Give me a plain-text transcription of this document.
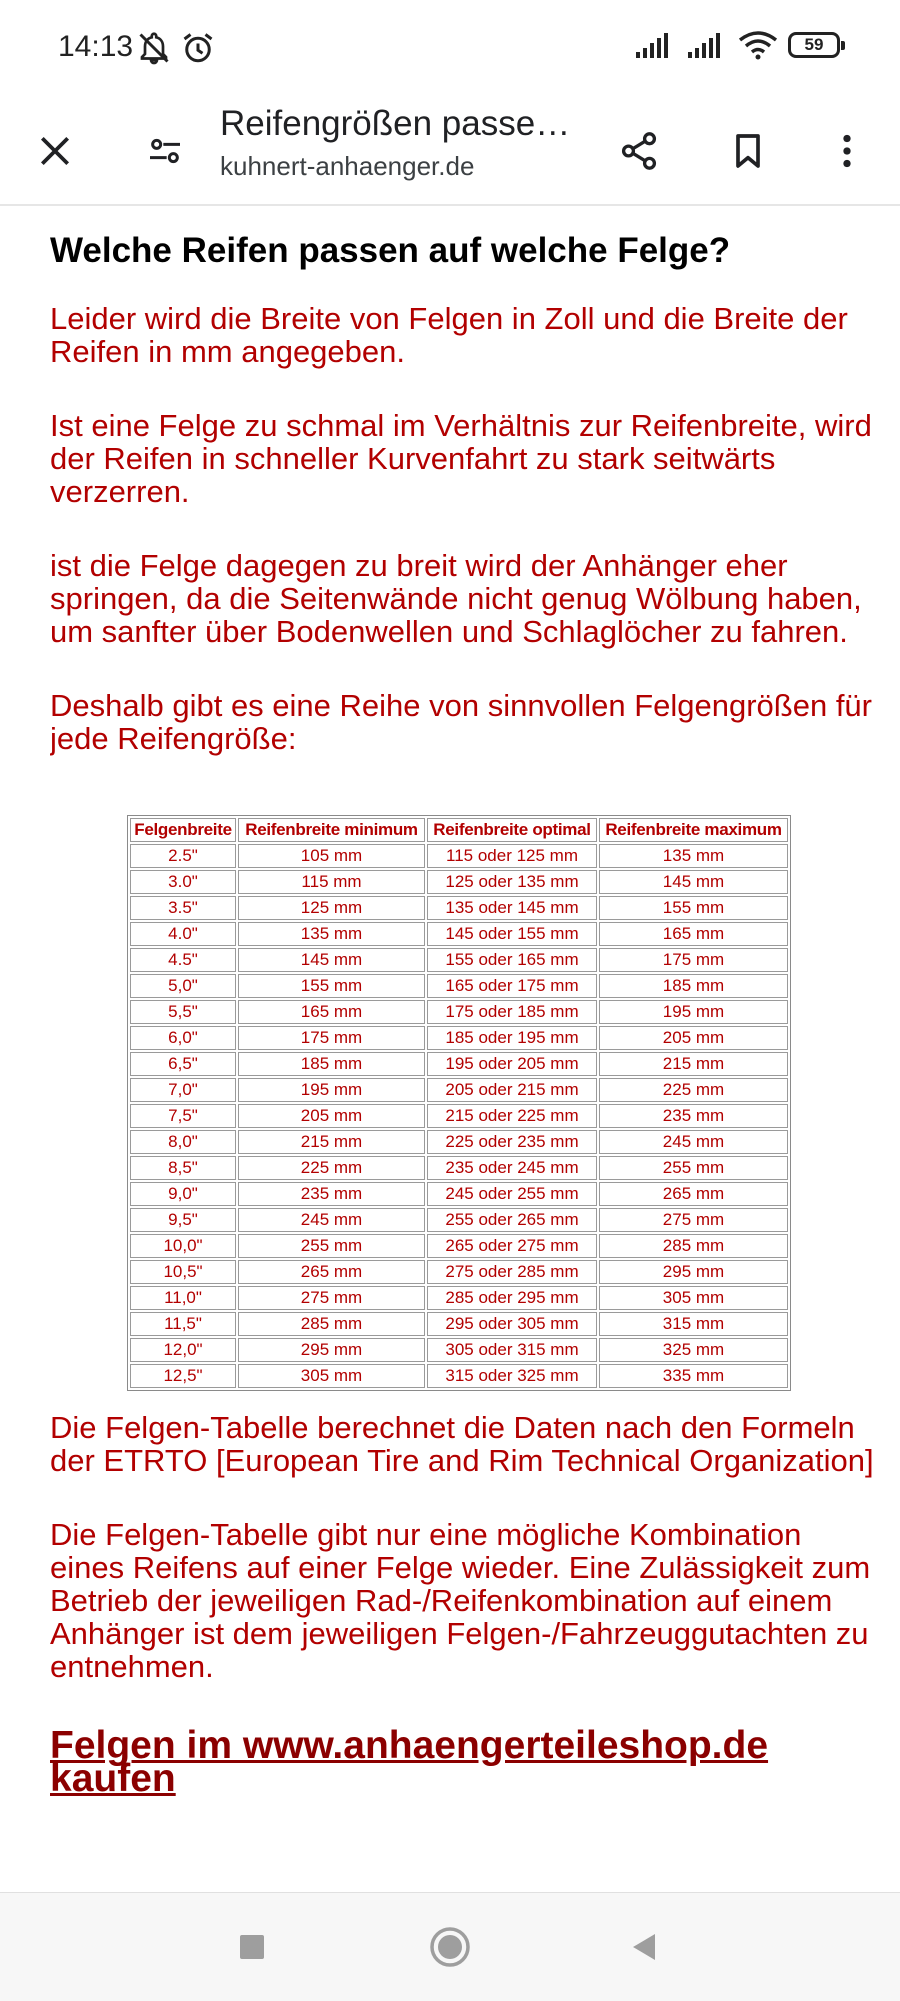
14:13	59
Reifengrößen passe…
kuhnert-anhaenger.de
Welche Reifen passen auf welche Felge?

Leider wird die Breite von Felgen in Zoll und die Breite der Reifen in mm angegeben.

Ist eine Felge zu schmal im Verhältnis zur Reifenbreite, wird der Reifen in schneller Kurvenfahrt zu stark seitwärts verzerren.

ist die Felge dagegen zu breit wird der Anhänger eher springen, da die Seitenwände nicht genug Wölbung haben, um sanfter über Bodenwellen und Schlaglöcher zu fahren.

Deshalb gibt es eine Reihe von sinnvollen Felgengrößen für jede Reifengröße:

Felgenbreite	Reifenbreite minimum	Reifenbreite optimal	Reifenbreite maximum
2.5"	105 mm	115 oder 125 mm	135 mm
3.0"	115 mm	125 oder 135 mm	145 mm
3.5"	125 mm	135 oder 145 mm	155 mm
4.0"	135 mm	145 oder 155 mm	165 mm
4.5"	145 mm	155 oder 165 mm	175 mm
5,0"	155 mm	165 oder 175 mm	185 mm
5,5"	165 mm	175 oder 185 mm	195 mm
6,0"	175 mm	185 oder 195 mm	205 mm
6,5"	185 mm	195 oder 205 mm	215 mm
7,0"	195 mm	205 oder 215 mm	225 mm
7,5"	205 mm	215 oder 225 mm	235 mm
8,0"	215 mm	225 oder 235 mm	245 mm
8,5"	225 mm	235 oder 245 mm	255 mm
9,0"	235 mm	245 oder 255 mm	265 mm
9,5"	245 mm	255 oder 265 mm	275 mm
10,0"	255 mm	265 oder 275 mm	285 mm
10,5"	265 mm	275 oder 285 mm	295 mm
11,0"	275 mm	285 oder 295 mm	305 mm
11,5"	285 mm	295 oder 305 mm	315 mm
12,0"	295 mm	305 oder 315 mm	325 mm
12,5"	305 mm	315 oder 325 mm	335 mm

Die Felgen-Tabelle berechnet die Daten nach den Formeln der ETRTO [European Tire and Rim Technical Organization]

Die Felgen-Tabelle gibt nur eine mögliche Kombination eines Reifens auf einer Felge wieder. Eine Zulässigkeit zum Betrieb der jeweiligen Rad-/Reifenkombination auf einem Anhänger ist dem jeweiligen Felgen-/Fahrzeuggutachten zu entnehmen.

Felgen im www.anhaengerteileshop.de kaufen
